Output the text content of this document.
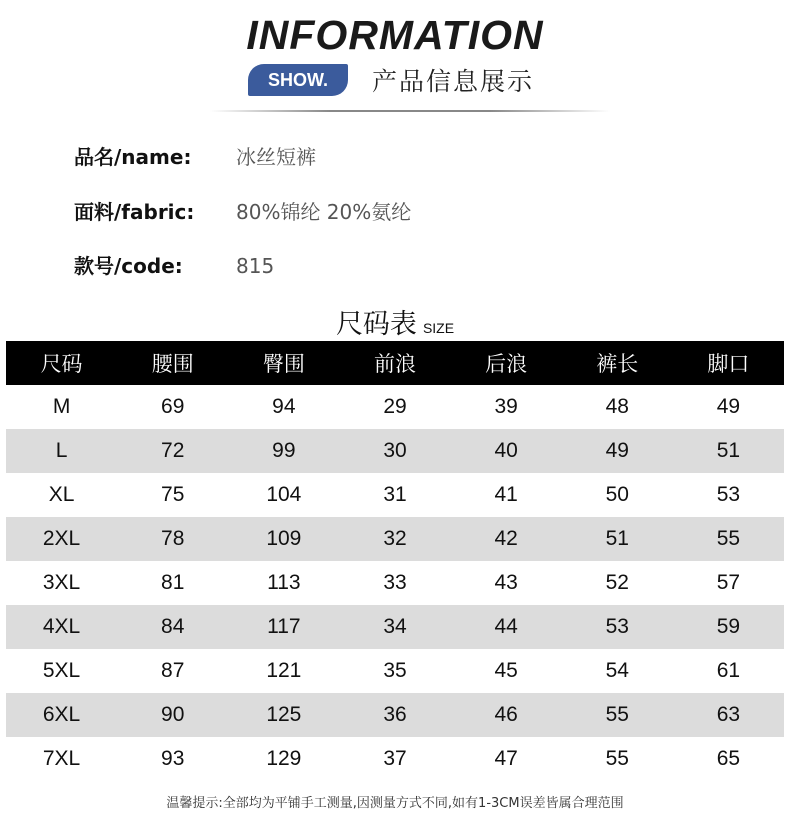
INFORMATION
SHOW.	产品信息展示
品名/name: 冰丝短裤
面料/fabric: 80%锦纶 20%氨纶
款号/code:	815
尺码表 SIZE
尺码	腰围	臀围	前浪	后浪	裤长	脚口
M	69	94	29	39	48	49
L	72	99	30	40	49	51
XL	75	104	31	41	50	53
2XL	78	109	32	42	51	55
3XL	81	113	33	43	52	57
4XL	84	117	34	44	53	59
5XL	87	121	35	45	54	61
6XL	90	125	36	46	55	63
7XL	93	129	37	47	55	65
温馨提示:全部均为平铺手工测量,因测量方式不同,如有1-3CM误差皆属合理范围
